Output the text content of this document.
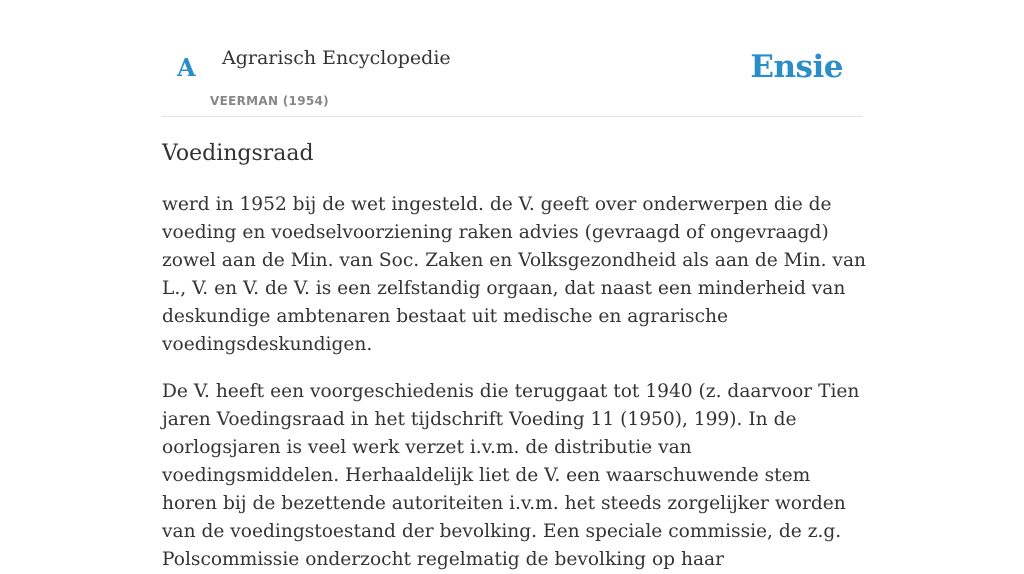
A Agrarisch Encyclopedie
VEERMAN (1954)
Ensie
Voedingsraad

werd in 1952 bij de wet ingesteld. de V. geeft over onderwerpen die de voeding en voedselvoorziening raken advies (gevraagd of ongevraagd) zowel aan de Min. van Soc. Zaken en Volksgezondheid als aan de Min. van L., V. en V. de V. is een zelfstandig orgaan, dat naast een minderheid van deskundige ambtenaren bestaat uit medische en agrarische voedingsdeskundigen.

De V. heeft een voorgeschiedenis die teruggaat tot 1940 (z. daarvoor Tien jaren Voedingsraad in het tijdschrift Voeding 11 (1950), 199). In de oorlogsjaren is veel werk verzet i.v.m. de distributie van voedingsmiddelen. Herhaaldelijk liet de V. een waarschuwende stem horen bij de bezettende autoriteiten i.v.m. het steeds zorgelijker worden van de voedingstoestand der bevolking. Een speciale commissie, de z.g. Polscommissie onderzocht regelmatig de bevolking op haar
